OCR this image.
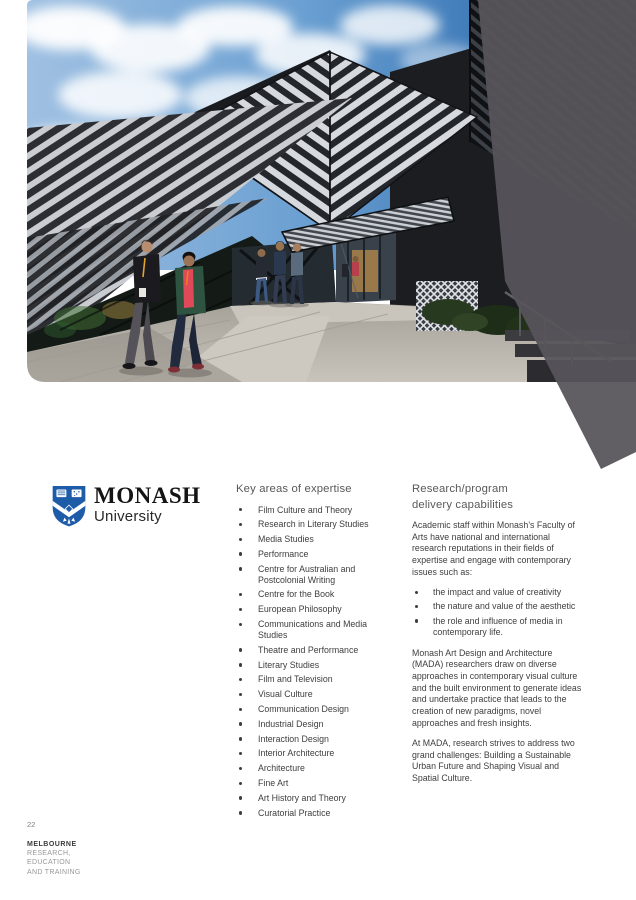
MONASH
University
Key areas of expertise
Film Culture and Theory
Research in Literary Studies
Media Studies
Performance
Centre for Australian and Postcolonial Writing
Centre for the Book
European Philosophy
Communications and Media Studies
Theatre and Performance
Literary Studies
Film and Television
Visual Culture
Communication Design
Industrial Design
Interaction Design
Interior Architecture
Architecture
Fine Art
Art History and Theory
Curatorial Practice
Research/program
delivery capabilities

Academic staff within Monash’s Faculty of Arts have national and international research reputations in their fields of expertise and engage with contemporary issues such as:

the impact and value of creativity
the nature and value of the aesthetic
the role and influence of media in contemporary life.

Monash Art Design and Architecture (MADA) researchers draw on diverse approaches in contemporary visual culture and the built environment to generate ideas and undertake practice that leads to the creation of new paradigms, novel approaches and fresh insights.

At MADA, research strives to address two grand challenges: Building a Sustainable Urban Future and Shaping Visual and Spatial Culture.

22
MELBOURNE
RESEARCH,
EDUCATION
AND TRAINING
